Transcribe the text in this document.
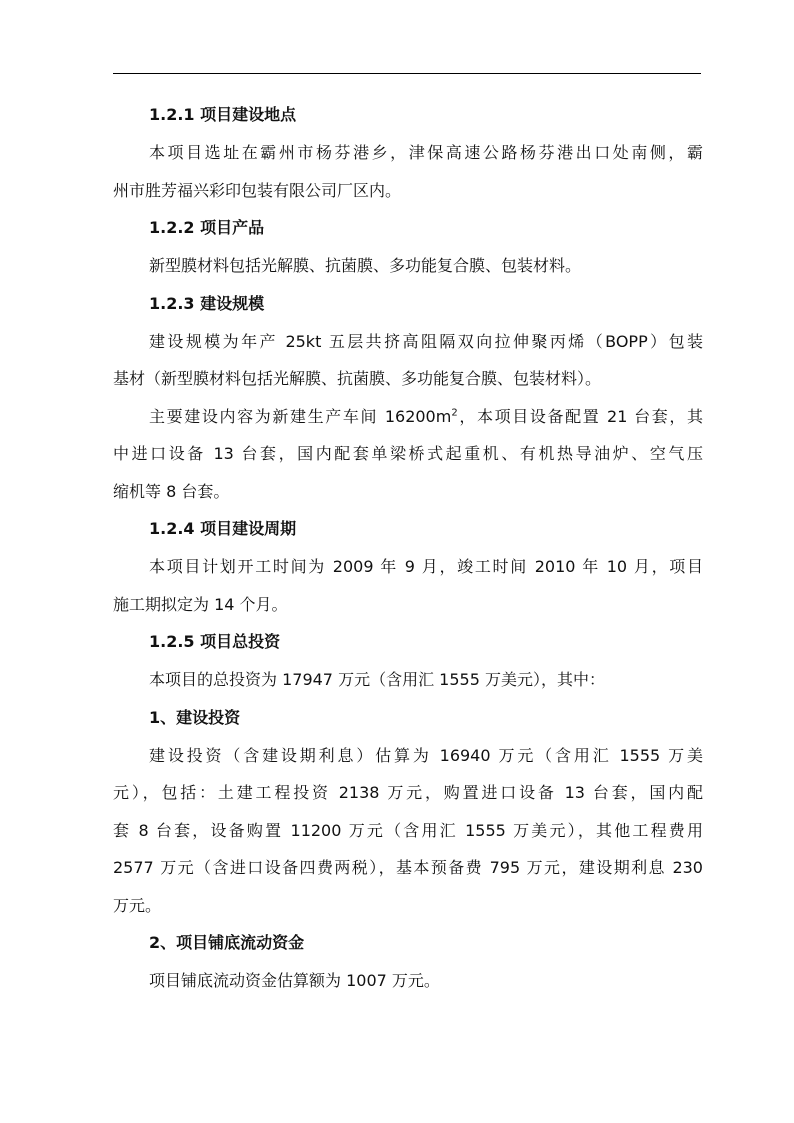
1.2.1 项目建设地点
本项目选址在霸州市杨芬港乡，津保高速公路杨芬港出口处南侧，霸
州市胜芳福兴彩印包装有限公司厂区内。
1.2.2 项目产品
新型膜材料包括光解膜、抗菌膜、多功能复合膜、包装材料。
1.2.3 建设规模
建设规模为年产 25kt 五层共挤高阻隔双向拉伸聚丙烯（BOPP）包装
基材（新型膜材料包括光解膜、抗菌膜、多功能复合膜、包装材料）。
主要建设内容为新建生产车间 $16200m^2$，本项目设备配置 21 台套，其
中进口设备 13 台套，国内配套单梁桥式起重机、有机热导油炉、空气压
缩机等 8 台套。
1.2.4 项目建设周期
本项目计划开工时间为 2009 年 9 月，竣工时间 2010 年 10 月，项目
施工期拟定为 14 个月。
1.2.5 项目总投资
本项目的总投资为 17947 万元（含用汇 1555 万美元），其中：
1、建设投资
建设投资（含建设期利息）估算为 16940 万元（含用汇 1555 万美
元），包括：土建工程投资 2138 万元，购置进口设备 13 台套，国内配
套 8 台套，设备购置 11200 万元（含用汇 1555 万美元），其他工程费用
2577 万元（含进口设备四费两税），基本预备费 795 万元，建设期利息 230
万元。
2、项目铺底流动资金
项目铺底流动资金估算额为 1007 万元。
